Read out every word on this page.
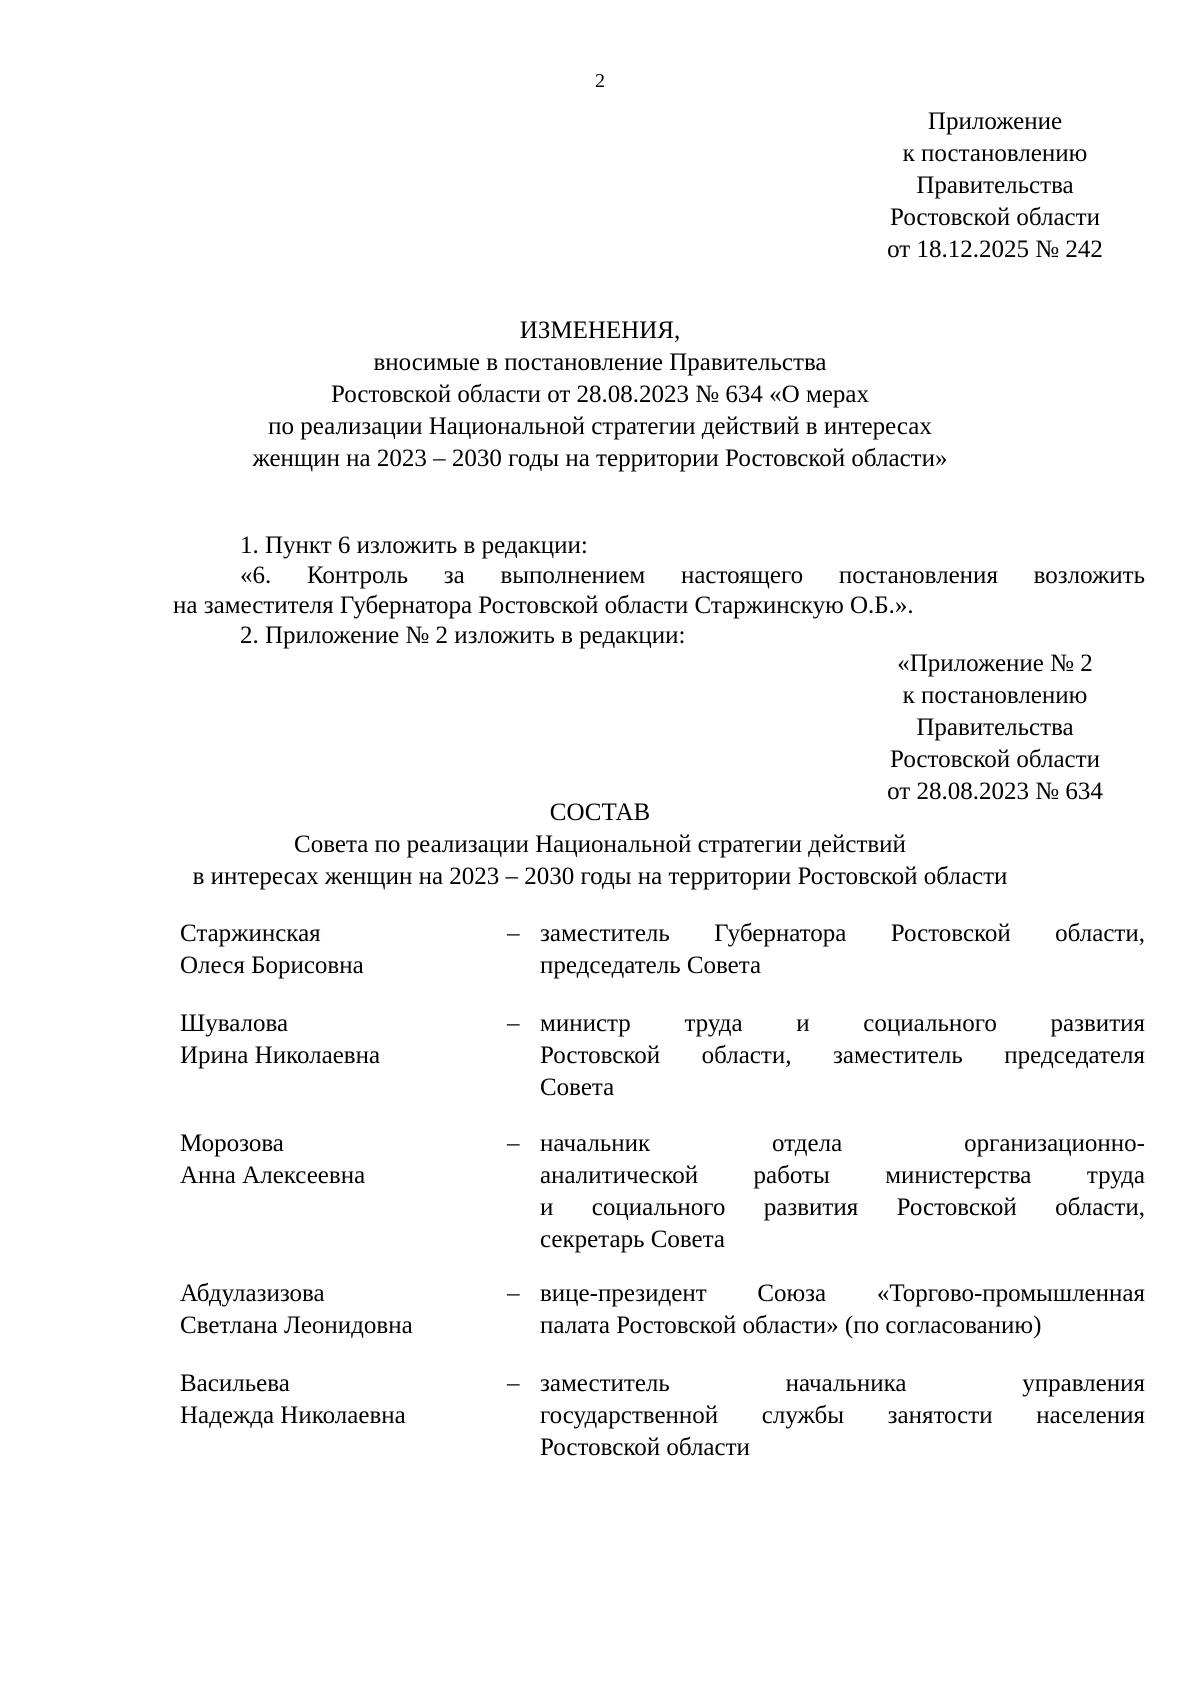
2
Приложение
к постановлению
Правительства
Ростовской области
от 18.12.2025 № 242
ИЗМЕНЕНИЯ,
вносимые в постановление Правительства
Ростовской области от 28.08.2023 № 634 «О мерах
по реализации Национальной стратегии действий в интересах
женщин на 2023 – 2030 годы на территории Ростовской области»
1. Пункт 6 изложить в редакции:
«6. Контроль за выполнением настоящего постановления возложить
на заместителя Губернатора Ростовской области Старжинскую О.Б.».
2. Приложение № 2 изложить в редакции:
«Приложение № 2
к постановлению
Правительства
Ростовской области
от 28.08.2023 № 634
СОСТАВ
Совета по реализации Национальной стратегии действий
в интересах женщин на 2023 – 2030 годы на территории Ростовской области
Старжинская
Олеся Борисовна
– заместитель Губернатора Ростовской области,
председатель Совета
Шувалова
Ирина Николаевна
– министр труда и социального развития
Ростовской области, заместитель председателя
Совета
Морозова
Анна Алексеевна
– начальник отдела организационно-
аналитической работы министерства труда
и социального развития Ростовской области,
секретарь Совета
Абдулазизова
Светлана Леонидовна
– вице-президент Союза «Торгово-промышленная
палата Ростовской области» (по согласованию)
Васильева
Надежда Николаевна
– заместитель начальника управления
государственной службы занятости населения
Ростовской области
